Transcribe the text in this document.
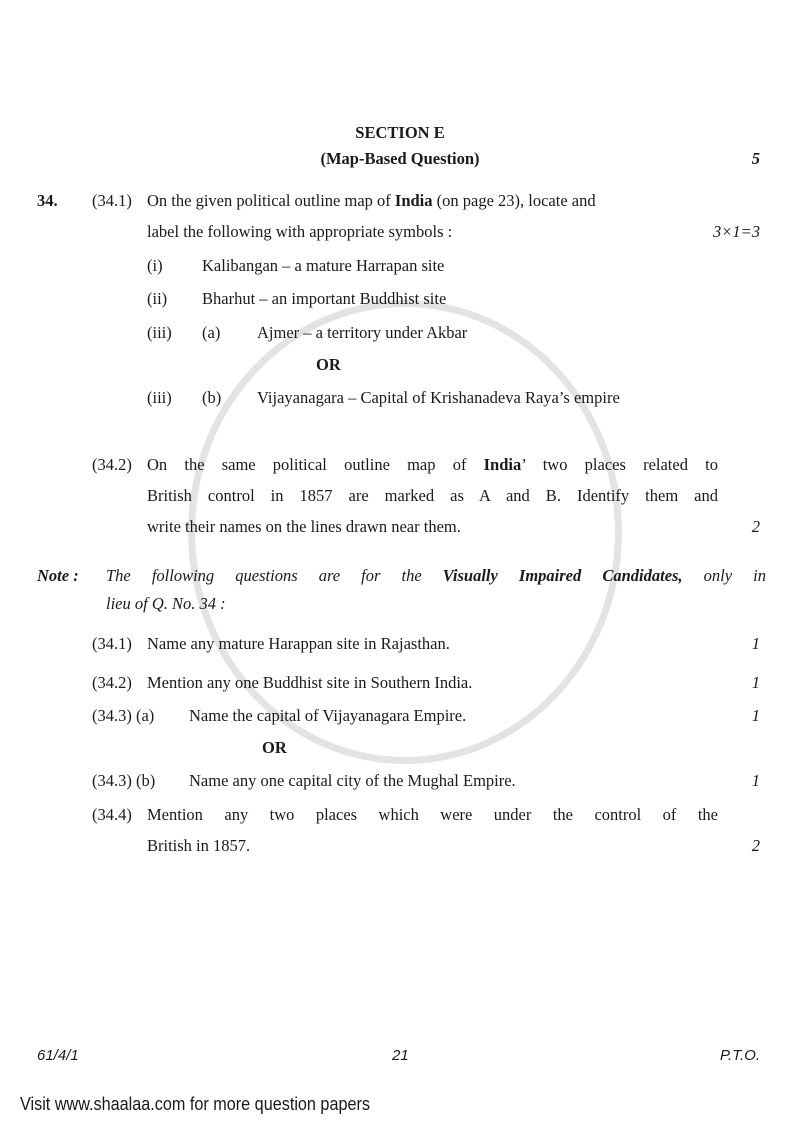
SECTION E
(Map-Based Question)	5
34. (34.1) On the given political outline map of India (on page 23), locate and
label the following with appropriate symbols :	3×1=3
(i) Kalibangan – a mature Harrapan site
(ii) Bharhut – an important Buddhist site
(iii) (a) Ajmer – a territory under Akbar
OR
(iii) (b) Vijayanagara – Capital of Krishanadeva Raya’s empire
(34.2) On the same political outline map of India’ two places related to
British control in 1857 are marked as A and B. Identify them and
write their names on the lines drawn near them.	2
Note : The following questions are for the Visually Impaired Candidates, only in
lieu of Q. No. 34 :
(34.1) Name any mature Harappan site in Rajasthan.	1
(34.2) Mention any one Buddhist site in Southern India.	1
(34.3) (a) Name the capital of Vijayanagara Empire.	1
OR
(34.3) (b) Name any one capital city of the Mughal Empire.	1
(34.4) Mention any two places which were under the control of the
British in 1857.	2
61/4/1	21	P.T.O.
Visit www.shaalaa.com for more question papers
